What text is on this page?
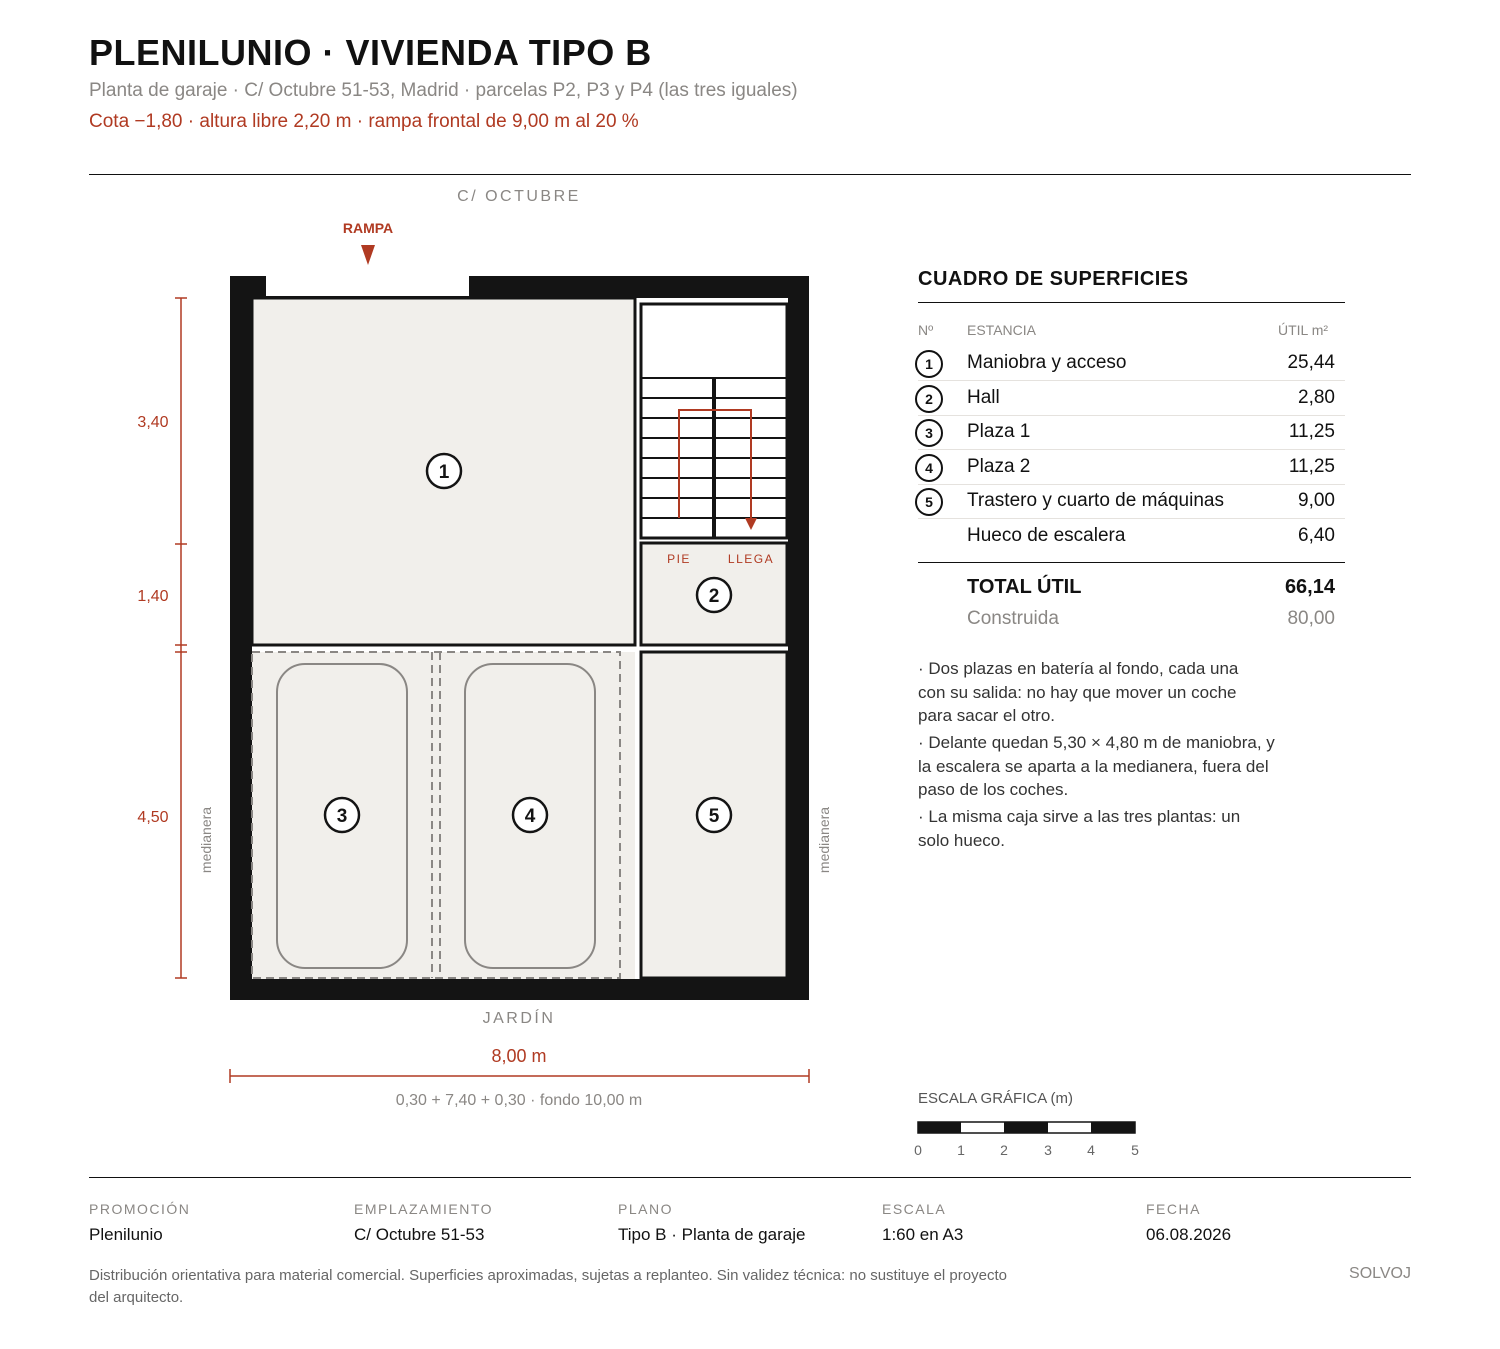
PLENILUNIO · VIVIENDA TIPO B
Planta de garaje · C/ Octubre 51-53, Madrid · parcelas P2, P3 y P4 (las tres iguales)
Cota −1,80 · altura libre 2,20 m · rampa frontal de 9,00 m al 20 %
C/ OCTUBRE
RAMPA
PIE	LLEGA
1
2
3	4	5
3,40
1,40
4,50 medianera	medianera
JARDÍN
8,00 m
0,30 + 7,40 + 0,30 · fondo 10,00 m
CUADRO DE SUPERFICIES
Nº ESTANCIA	ÚTIL m²
1	Maniobra y acceso	25,44
2	Hall	2,80
3	Plaza 1	11,25
4	Plaza 2	11,25
5	Trastero y cuarto de máquinas	9,00
Hueco de escalera	6,40
TOTAL ÚTIL	66,14
Construida	80,00
· Dos plazas en batería al fondo, cada una con su salida: no hay que mover un coche para sacar el otro.
· Delante quedan 5,30 × 4,80 m de maniobra, y la escalera se aparta a la medianera, fuera del paso de los coches.
· La misma caja sirve a las tres plantas: un solo hueco.
ESCALA GRÁFICA (m)
0	1	2	3	4	5
PROMOCIÓN
Plenilunio
EMPLAZAMIENTO
C/ Octubre 51-53
PLANO
Tipo B · Planta de garaje
ESCALA
1:60 en A3
FECHA
06.08.2026
Distribución orientativa para material comercial. Superficies aproximadas, sujetas a replanteo. Sin validez técnica: no sustituye el proyecto del arquitecto.
SOLVOJ
